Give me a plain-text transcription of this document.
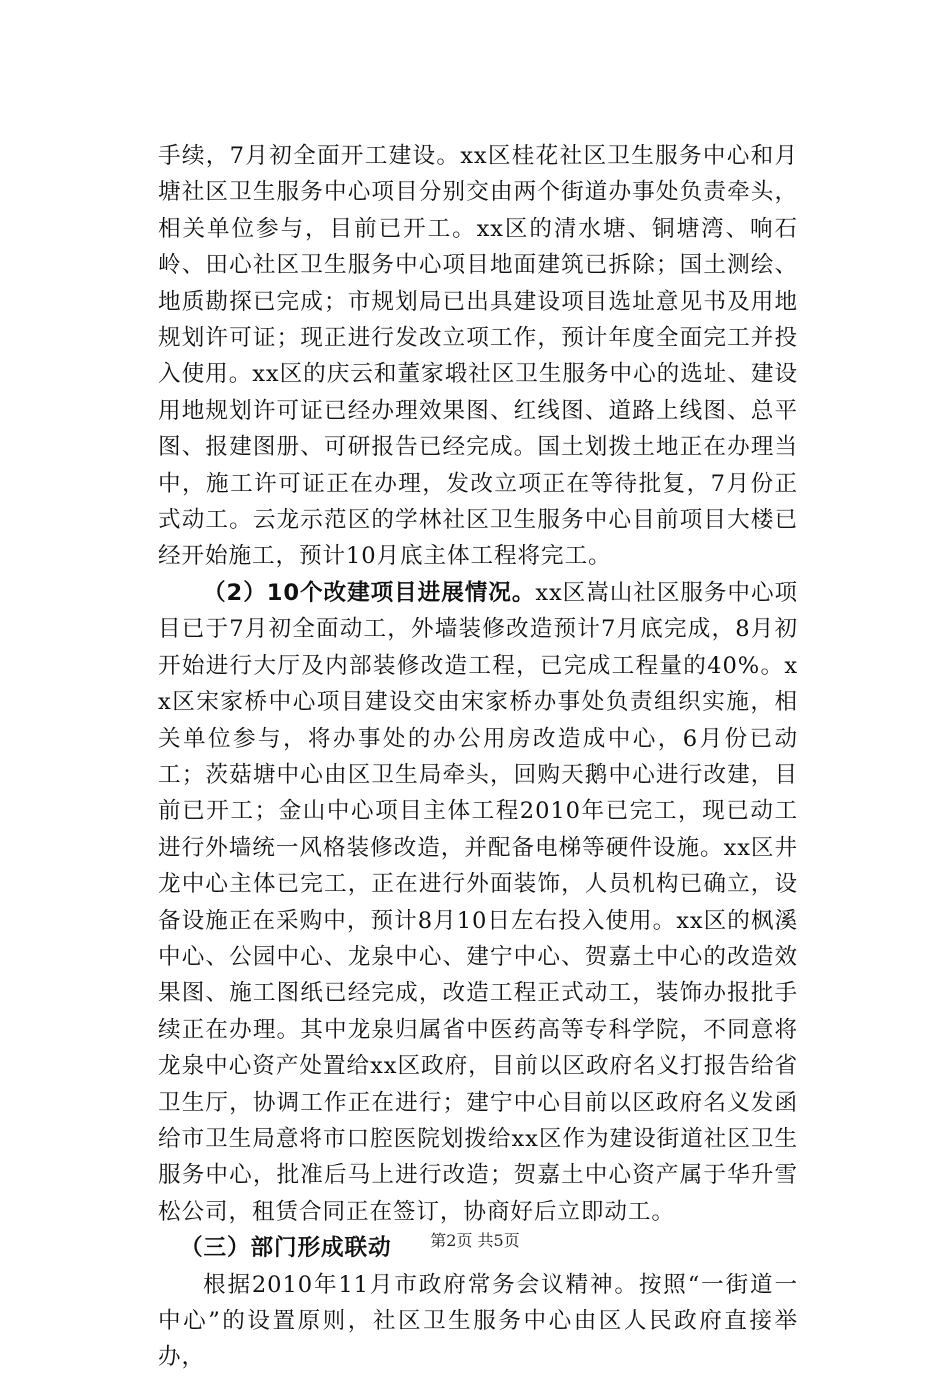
手续，7月初全面开工建设。xx区桂花社区卫生服务中心和月塘社区卫生服务中心项目分别交由两个街道办事处负责牵头，相关单位参与，目前已开工。xx区的清水塘、铜塘湾、响石岭、田心社区卫生服务中心项目地面建筑已拆除；国土测绘、地质勘探已完成；市规划局已出具建设项目选址意见书及用地规划许可证；现正进行发改立项工作，预计年度全面完工并投入使用。xx区的庆云和董家塅社区卫生服务中心的选址、建设用地规划许可证已经办理效果图、红线图、道路上线图、总平图、报建图册、可研报告已经完成。国土划拨土地正在办理当中，施工许可证正在办理，发改立项正在等待批复，7月份正式动工。云龙示范区的学林社区卫生服务中心目前项目大楼已经开始施工，预计10月底主体工程将完工。

（2）10个改建项目进展情况。xx区嵩山社区服务中心项目已于7月初全面动工，外墙装修改造预计7月底完成，8月初开始进行大厅及内部装修改造工程，已完成工程量的40%。xx区宋家桥中心项目建设交由宋家桥办事处负责组织实施，相关单位参与，将办事处的办公用房改造成中心，6月份已动工；茨菇塘中心由区卫生局牵头，回购天鹅中心进行改建，目前已开工；金山中心项目主体工程2010年已完工，现已动工进行外墙统一风格装修改造，并配备电梯等硬件设施。xx区井龙中心主体已完工，正在进行外面装饰，人员机构已确立，设备设施正在采购中，预计8月10日左右投入使用。xx区的枫溪中心、公园中心、龙泉中心、建宁中心、贺嘉土中心的改造效果图、施工图纸已经完成，改造工程正式动工，装饰办报批手续正在办理。其中龙泉归属省中医药高等专科学院，不同意将龙泉中心资产处置给xx区政府，目前以区政府名义打报告给省卫生厅，协调工作正在进行；建宁中心目前以区政府名义发函给市卫生局意将市口腔医院划拨给xx区作为建设街道社区卫生服务中心，批准后马上进行改造；贺嘉土中心资产属于华升雪松公司，租赁合同正在签订，协商好后立即动工。

（三）部门形成联动

根据2010年11月市政府常务会议精神。按照“一街道一中心”的设置原则，社区卫生服务中心由区人民政府直接举办，

第2页 共5页
